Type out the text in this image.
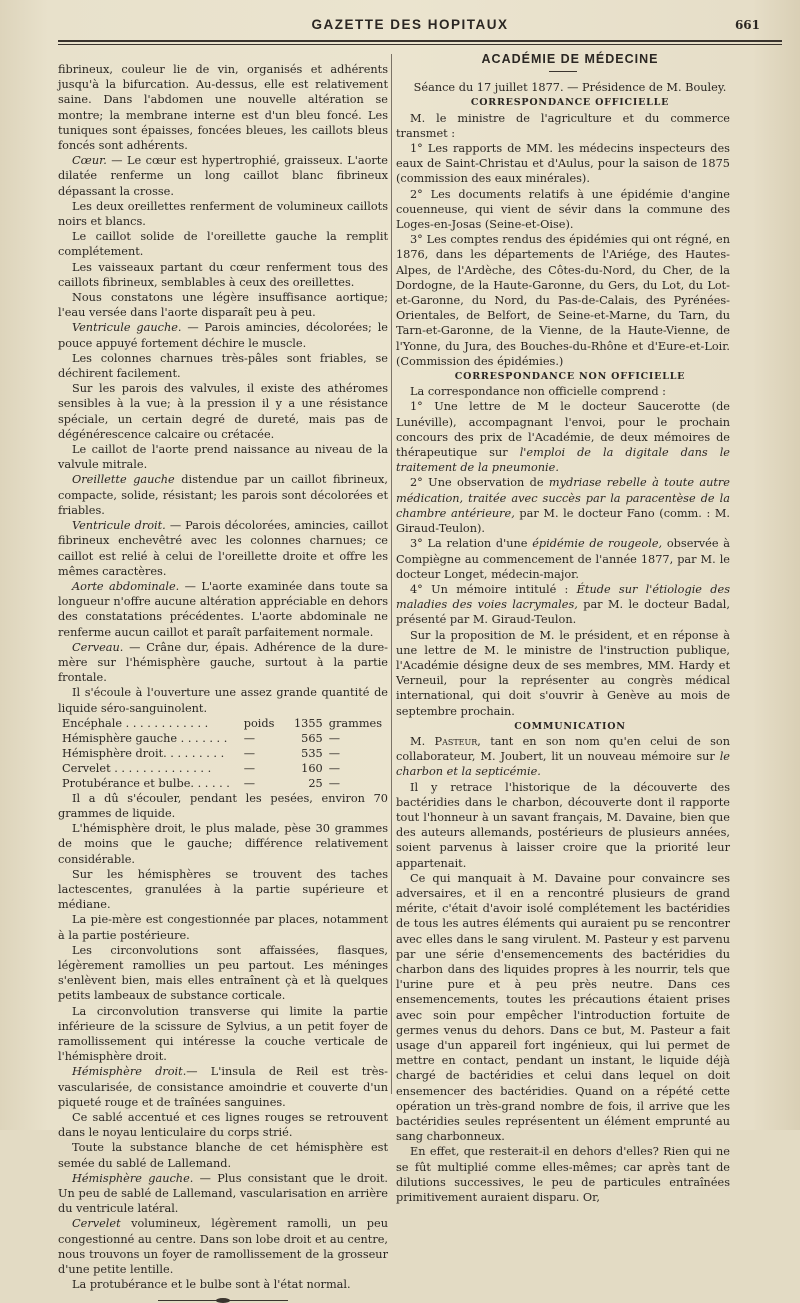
GAZETTE DES HOPITAUX	661

fibrineux, couleur lie de vin, organisés et adhérents jusqu'à la bifurcation. Au-dessus, elle est relativement saine. Dans l'abdomen une nouvelle altération se montre; la membrane interne est d'un bleu foncé. Les tuniques sont épaisses, foncées bleues, les caillots bleus foncés sont adhérents.

Cœur. — Le cœur est hypertrophié, graisseux. L'aorte dilatée renferme un long caillot blanc fibrineux dépassant la crosse.

Les deux oreillettes renferment de volumineux caillots noirs et blancs.

Le caillot solide de l'oreillette gauche la remplit complétement.

Les vaisseaux partant du cœur renferment tous des caillots fibrineux, semblables à ceux des oreillettes.

Nous constatons une légère insuffisance aortique; l'eau versée dans l'aorte disparaît peu à peu.

Ventricule gauche. — Parois amincies, décolorées; le pouce appuyé fortement déchire le muscle.

Les colonnes charnues très-pâles sont friables, se déchirent facilement.

Sur les parois des valvules, il existe des athéromes sensibles à la vue; à la pression il y a une résistance spéciale, un certain degré de dureté, mais pas de dégénérescence calcaire ou crétacée.

Le caillot de l'aorte prend naissance au niveau de la valvule mitrale.

Oreillette gauche distendue par un caillot fibrineux, compacte, solide, résistant; les parois sont décolorées et friables.

Ventricule droit. — Parois décolorées, amincies, caillot fibrineux enchevêtré avec les colonnes charnues; ce caillot est relié à celui de l'oreillette droite et offre les mêmes caractères.

Aorte abdominale. — L'aorte examinée dans toute sa longueur n'offre aucune altération appréciable en dehors des constatations précédentes. L'aorte abdominale ne renferme aucun caillot et paraît parfaitement normale.

Cerveau. — Crâne dur, épais. Adhérence de la dure-mère sur l'hémisphère gauche, surtout à la partie frontale.

Il s'écoule à l'ouverture une assez grande quantité de liquide séro-sanguinolent.

Encéphale . . . . . . . . . . . .	poids	1355 grammes
Hémisphère gauche . . . . . . .	—	565 —
Hémisphère droit. . . . . . . . .	—	535 —
Cervelet . . . . . . . . . . . . . .	—	160 —
Protubérance et bulbe. . . . . .	—	25 —

Il a dû s'écouler, pendant les pesées, environ 70 grammes de liquide.

L'hémisphère droit, le plus malade, pèse 30 grammes de moins que le gauche; différence relativement considérable.

Sur les hémisphères se trouvent des taches lactescentes, granulées à la partie supérieure et médiane.

La pie-mère est congestionnée par places, notamment à la partie postérieure.

Les circonvolutions sont affaissées, flasques, légèrement ramollies un peu partout. Les méninges s'enlèvent bien, mais elles entraînent çà et là quelques petits lambeaux de substance corticale.

La circonvolution transverse qui limite la partie inférieure de la scissure de Sylvius, a un petit foyer de ramollissement qui intéresse la couche verticale de l'hémisphère droit.

Hémisphère droit.— L'insula de Reil est très-vascularisée, de consistance amoindrie et couverte d'un piqueté rouge et de traînées sanguines.

Ce sablé accentué et ces lignes rouges se retrouvent dans le noyau lenticulaire du corps strié.

Toute la substance blanche de cet hémisphère est semée du sablé de Lallemand.

Hémisphère gauche. — Plus consistant que le droit. Un peu de sablé de Lallemand, vascularisation en arrière du ventricule latéral.

Cervelet volumineux, légèrement ramolli, un peu congestionné au centre. Dans son lobe droit et au centre, nous trouvons un foyer de ramollissement de la grosseur d'une petite lentille.

La protubérance et le bulbe sont à l'état normal.

ACADÉMIE DE MÉDECINE

Séance du 17 juillet 1877. — Présidence de M. Bouley.

CORRESPONDANCE OFFICIELLE

M. le ministre de l'agriculture et du commerce transmet :

1° Les rapports de MM. les médecins inspecteurs des eaux de Saint-Christau et d'Aulus, pour la saison de 1875 (commission des eaux minérales).

2° Les documents relatifs à une épidémie d'angine couenneuse, qui vient de sévir dans la commune des Loges-en-Josas (Seine-et-Oise).

3° Les comptes rendus des épidémies qui ont régné, en 1876, dans les départements de l'Ariége, des Hautes-Alpes, de l'Ardèche, des Côtes-du-Nord, du Cher, de la Dordogne, de la Haute-Garonne, du Gers, du Lot, du Lot-et-Garonne, du Nord, du Pas-de-Calais, des Pyrénées-Orientales, de Belfort, de Seine-et-Marne, du Tarn, du Tarn-et-Garonne, de la Vienne, de la Haute-Vienne, de l'Yonne, du Jura, des Bouches-du-Rhône et d'Eure-et-Loir. (Commission des épidémies.)

CORRESPONDANCE NON OFFICIELLE

La correspondance non officielle comprend :

1° Une lettre de M le docteur Saucerotte (de Lunéville), accompagnant l'envoi, pour le prochain concours des prix de l'Académie, de deux mémoires de thérapeutique sur l'emploi de la digitale dans le traitement de la pneumonie.

2° Une observation de mydriase rebelle à toute autre médication, traitée avec succès par la paracentèse de la chambre antérieure, par M. le docteur Fano (comm. : M. Giraud-Teulon).

3° La relation d'une épidémie de rougeole, observée à Compiègne au commencement de l'année 1877, par M. le docteur Longet, médecin-major.

4° Un mémoire intitulé : Étude sur l'étiologie des maladies des voies lacrymales, par M. le docteur Badal, présenté par M. Giraud-Teulon.

Sur la proposition de M. le président, et en réponse à une lettre de M. le ministre de l'instruction publique, l'Académie désigne deux de ses membres, MM. Hardy et Verneuil, pour la représenter au congrès médical international, qui doit s'ouvrir à Genève au mois de septembre prochain.

COMMUNICATION

M. Pasteur, tant en son nom qu'en celui de son collaborateur, M. Joubert, lit un nouveau mémoire sur le charbon et la septicémie.

Il y retrace l'historique de la découverte des bactéridies dans le charbon, découverte dont il rapporte tout l'honneur à un savant français, M. Davaine, bien que des auteurs allemands, postérieurs de plusieurs années, soient parvenus à laisser croire que la priorité leur appartenait.

Ce qui manquait à M. Davaine pour convaincre ses adversaires, et il en a rencontré plusieurs de grand mérite, c'était d'avoir isolé complétement les bactéridies de tous les autres éléments qui auraient pu se rencontrer avec elles dans le sang virulent. M. Pasteur y est parvenu par une série d'ensemencements des bactéridies du charbon dans des liquides propres à les nourrir, tels que l'urine pure et à peu près neutre. Dans ces ensemencements, toutes les précautions étaient prises avec soin pour empêcher l'introduction fortuite de germes venus du dehors. Dans ce but, M. Pasteur a fait usage d'un appareil fort ingénieux, qui lui permet de mettre en contact, pendant un instant, le liquide déjà chargé de bactéridies et celui dans lequel on doit ensemencer des bactéridies. Quand on a répété cette opération un très-grand nombre de fois, il arrive que les bactéridies seules représentent un élément emprunté au sang charbonneux.

En effet, que resterait-il en dehors d'elles? Rien qui ne se fût multiplié comme elles-mêmes; car après tant de dilutions successives, le peu de particules entraînées primitivement auraient disparu. Or,
